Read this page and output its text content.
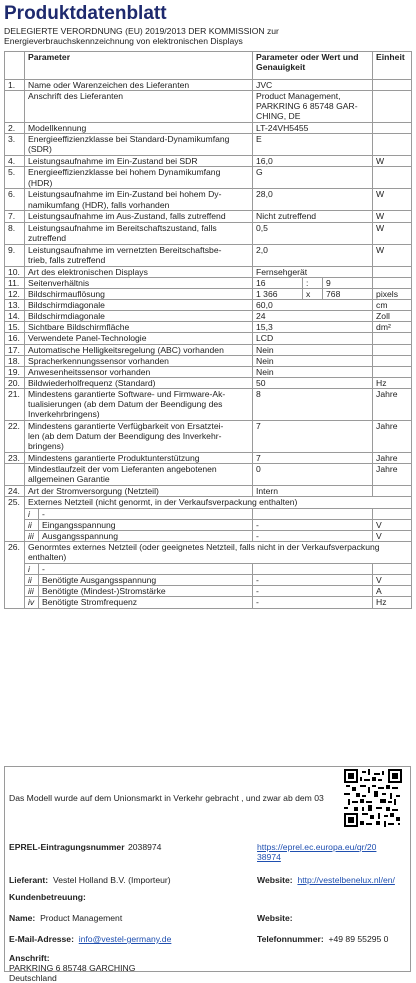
Produktdatenblatt
DELEGIERTE VERORDNUNG (EU) 2019/2013 DER KOMMISSION zur
Energieverbrauchskennzeichnung von elektronischen Displays
	Parameter		Parameter oder Wert und
Genauigkeit			Einheit
1.	Name oder Warenzeichen des Lieferanten		JVC			
	Anschrift des Lieferanten		Product Management,
PARKRING 6 85748 GAR-
CHING, DE			

2.	Modellkennung		LT-24VH5455			
3.	Energieeffizienzklasse bei Standard-Dynamikumfang
(SDR)		E			
4.	Leistungsaufnahme im Ein-Zustand bei SDR		16,0			W
5.	Energieeffizienzklasse bei hohem Dynamikumfang
(HDR)		G			
6.	Leistungsaufnahme im Ein-Zustand bei hohem Dy-
namikumfang (HDR), falls vorhanden		28,0			W
7.	Leistungsaufnahme im Aus-Zustand, falls zutreffend		Nicht zutreffend			W
8.	Leistungsaufnahme im Bereitschaftszustand, falls
zutreffend		0,5			W
9.	Leistungsaufnahme im vernetzten Bereitschaftsbe-
trieb, falls zutreffend		2,0			W
10.	Art des elektronischen Displays		Fernsehgerät			
11.	Seitenverhältnis		16	:	9	
12.	Bildschirmauflösung		1 366	x	768	pixels
13.	Bildschirmdiagonale		60,0			cm
14.	Bildschirmdiagonale		24			Zoll
15.	Sichtbare Bildschirmfläche		15,3			dm²
16.	Verwendete Panel-Technologie		LCD			
17.	Automatische Helligkeitsregelung (ABC) vorhanden		Nein			
18.	Spracherkennungssensor vorhanden		Nein			
19.	Anwesenheitssensor vorhanden		Nein			
20.	Bildwiederholfrequenz (Standard)		50			Hz
21.	Mindestens garantierte Software- und Firmware-Ak-
tualisierungen (ab dem Datum der Beendigung des
Inverkehrbringens)		8			Jahre
22.	Mindestens garantierte Verfügbarkeit von Ersatztei-
len (ab dem Datum der Beendigung des Inverkehr-
bringens)		7			Jahre
23.	Mindestens garantierte Produktunterstützung		7			Jahre

	Mindestlaufzeit der vom Lieferanten angebotenen
allgemeinen Garantie		0			Jahre
24.	Art der Stromversorgung (Netzteil)		Intern			
25.	Externes Netzteil (nicht genormt, in der Verkaufsverpackung enthalten)					
	i	-				
	ii	Eingangsspannung	-			V
	iii	Ausgangsspannung	-			V
26.	Genormtes externes Netzteil (oder geeignetes Netzteil, falls nicht in der Verkaufsverpackung
enthalten)					

	i	-				
	ii	Benötigte Ausgangsspannung	-			V
	iii	Benötigte (Mindest-)Stromstärke	-			A
	iv	Benötigte Stromfrequenz	-			Hz
Das Modell wurde auf dem Unionsmarkt in Verkehr gebracht , und zwar ab dem 03
EPREL-Eintragungsnummer 2038974	https://eprel.ec.europa.eu/qr/20
38974
Lieferant: Vestel Holland B.V. (Importeur)	Website: http://vestelbenelux.nl/en/
Kundenbetreuung:
Name: Product Management	Website:
E-Mail-Adresse: info@vestel-germany.de	Telefonnummer: +49 89 55295 0
Anschrift:
PARKRING 6 85748 GARCHING
Deutschland
